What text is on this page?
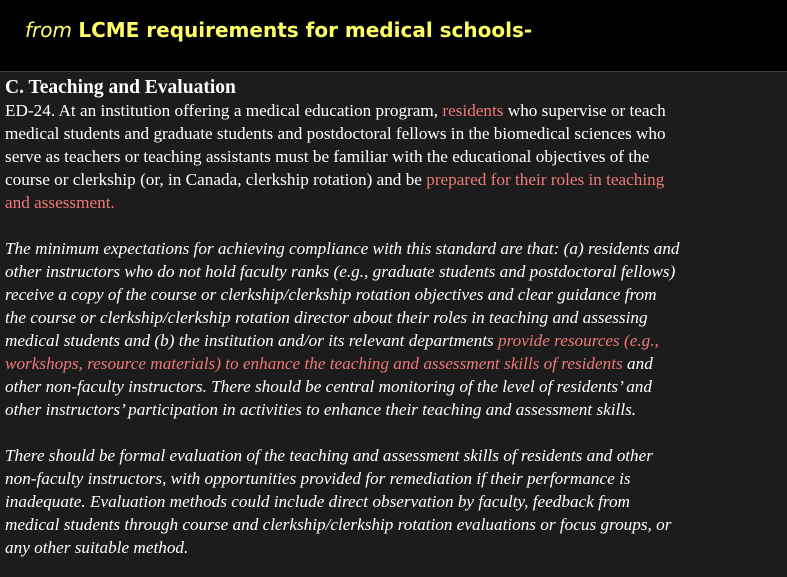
from LCME requirements for medical schools-

C. Teaching and Evaluation

ED-24. At an institution offering a medical education program, residents who supervise or teach

medical students and graduate students and postdoctoral fellows in the biomedical sciences who

serve as teachers or teaching assistants must be familiar with the educational objectives of the

course or clerkship (or, in Canada, clerkship rotation) and be prepared for their roles in teaching

and assessment.

The minimum expectations for achieving compliance with this standard are that: (a) residents and

other instructors who do not hold faculty ranks (e.g., graduate students and postdoctoral fellows)

receive a copy of the course or clerkship/clerkship rotation objectives and clear guidance from

the course or clerkship/clerkship rotation director about their roles in teaching and assessing

medical students and (b) the institution and/or its relevant departments provide resources (e.g.,

workshops, resource materials) to enhance the teaching and assessment skills of residents and

other non-faculty instructors. There should be central monitoring of the level of residents’ and

other instructors’ participation in activities to enhance their teaching and assessment skills.

There should be formal evaluation of the teaching and assessment skills of residents and other

non-faculty instructors, with opportunities provided for remediation if their performance is

inadequate. Evaluation methods could include direct observation by faculty, feedback from

medical students through course and clerkship/clerkship rotation evaluations or focus groups, or

any other suitable method.
